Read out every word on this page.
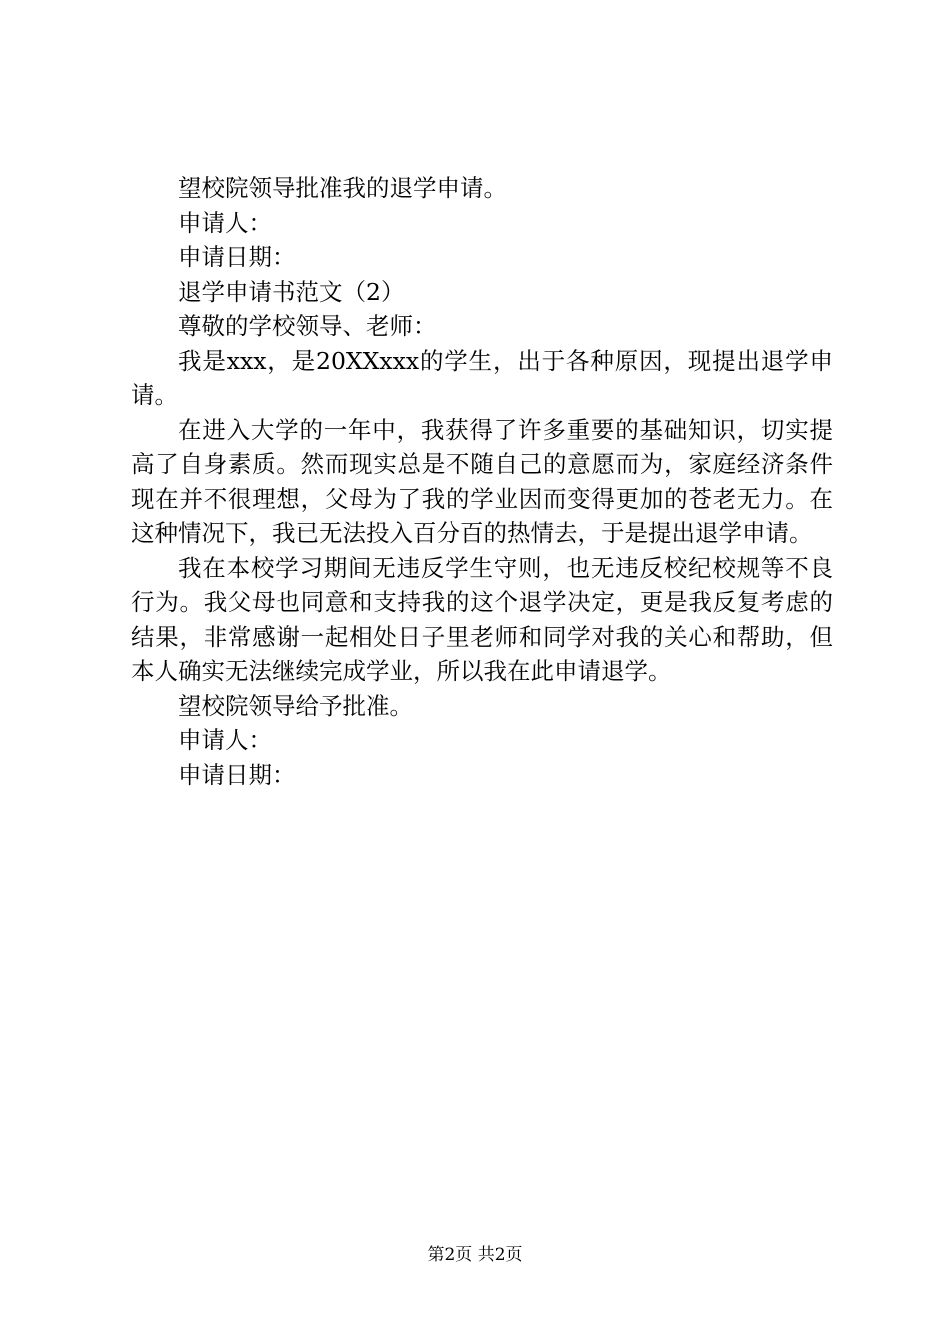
望校院领导批准我的退学申请。

申请人：

申请日期：

退学申请书范文（2）

尊敬的学校领导、老师：

我是xxx，是20XXxxx的学生，出于各种原因，现提出退学申请。

在进入大学的一年中，我获得了许多重要的基础知识，切实提高了自身素质。然而现实总是不随自己的意愿而为，家庭经济条件现在并不很理想，父母为了我的学业因而变得更加的苍老无力。在这种情况下，我已无法投入百分百的热情去，于是提出退学申请。

我在本校学习期间无违反学生守则，也无违反校纪校规等不良行为。我父母也同意和支持我的这个退学决定，更是我反复考虑的结果，非常感谢一起相处日子里老师和同学对我的关心和帮助，但本人确实无法继续完成学业，所以我在此申请退学。

望校院领导给予批准。

申请人：

申请日期：

第2页 共2页
